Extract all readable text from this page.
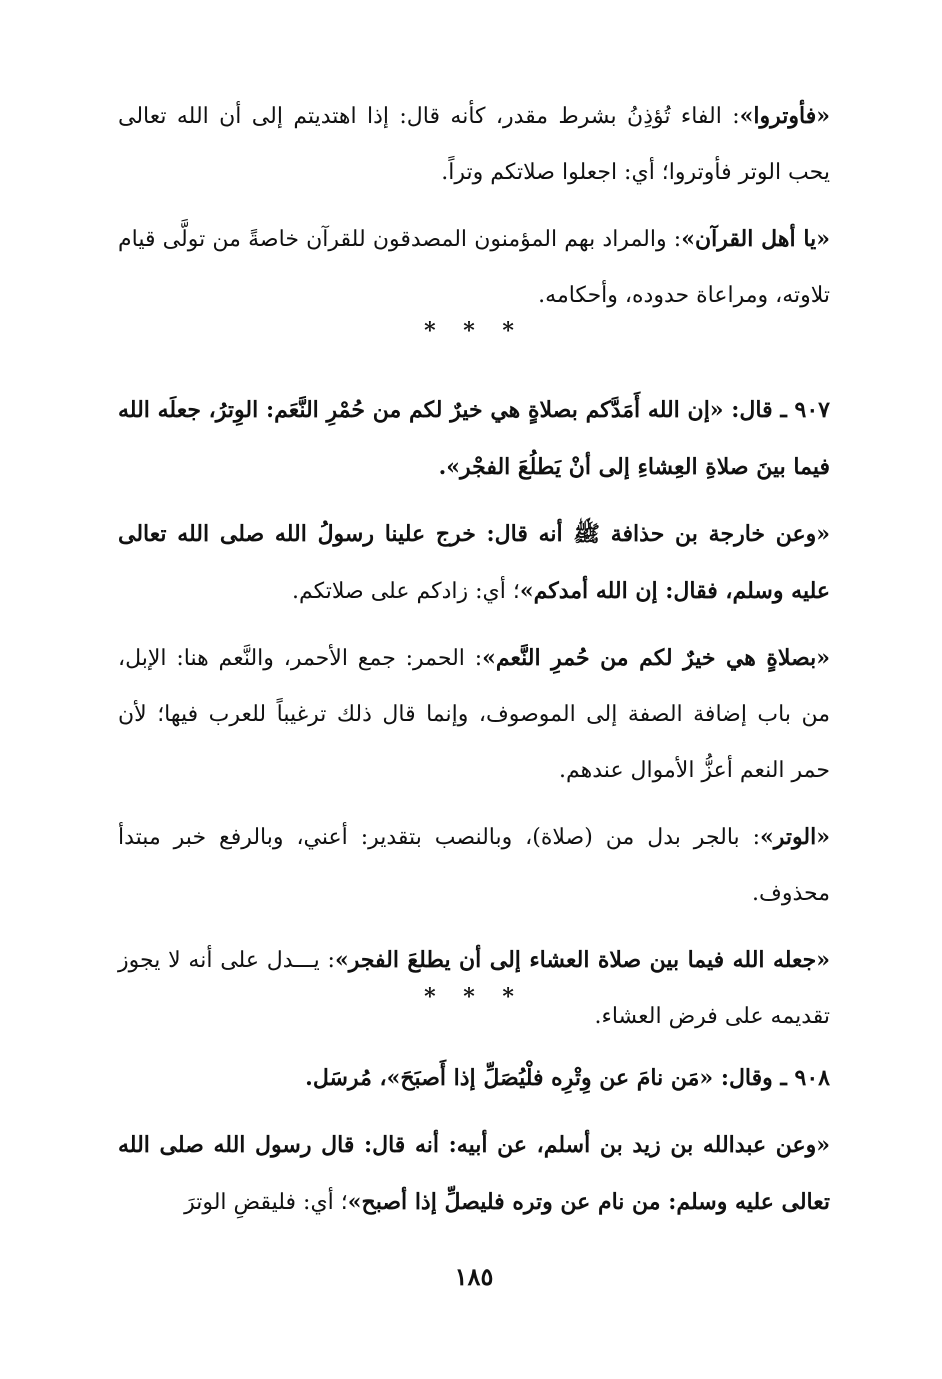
«فأوتروا»: الفاء تُؤذِنُ بشرط مقدر، كأنه قال: إذا اهتديتم إلى أن الله تعالى يحب الوتر فأوتروا؛ أي: اجعلوا صلاتكم وتراً.

«يا أهل القرآن»: والمراد بهم المؤمنون المصدقون للقرآن خاصةً من تولَّى قيام تلاوته، ومراعاة حدوده، وأحكامه.

* * *

٩٠٧ ـ قال: «إن الله أَمَدَّكم بصلاةٍ هي خيرٌ لكم من حُمْرِ النَّعَم: الوِترُ، جعلَه الله فيما بينَ صلاةِ العِشاءِ إلى أنْ يَطلُعَ الفجْر».

«وعن خارجة بن حذافة ﷺ أنه قال: خرج علينا رسولُ الله صلى الله تعالى عليه وسلم، فقال: إن الله أمدكم»؛ أي: زادكم على صلاتكم.

«بصلاةٍ هي خيرٌ لكم من حُمرِ النَّعم»: الحمر: جمع الأحمر، والنَّعم هنا: الإبل، من باب إضافة الصفة إلى الموصوف، وإنما قال ذلك ترغيباً للعرب فيها؛ لأن حمر النعم أعزُّ الأموال عندهم.

«الوتر»: بالجر بدل من (صلاة)، وبالنصب بتقدير: أعني، وبالرفع خبر مبتدأ محذوف.

«جعله الله فيما بين صلاة العشاء إلى أن يطلعَ الفجر»: يـــدل على أنه لا يجوز تقديمه على فرض العشاء.

* * *

٩٠٨ ـ وقال: «مَن نامَ عن وِتْرِه فلْيُصَلِّ إذا أَصبَحَ»، مُرسَل.

«وعن عبدالله بن زيد بن أسلم، عن أبيه: أنه قال: قال رسول الله صلى الله تعالى عليه وسلم: من نام عن وتره فليصلِّ إذا أصبح»؛ أي: فليقضِ الوترَ

١٨٥
